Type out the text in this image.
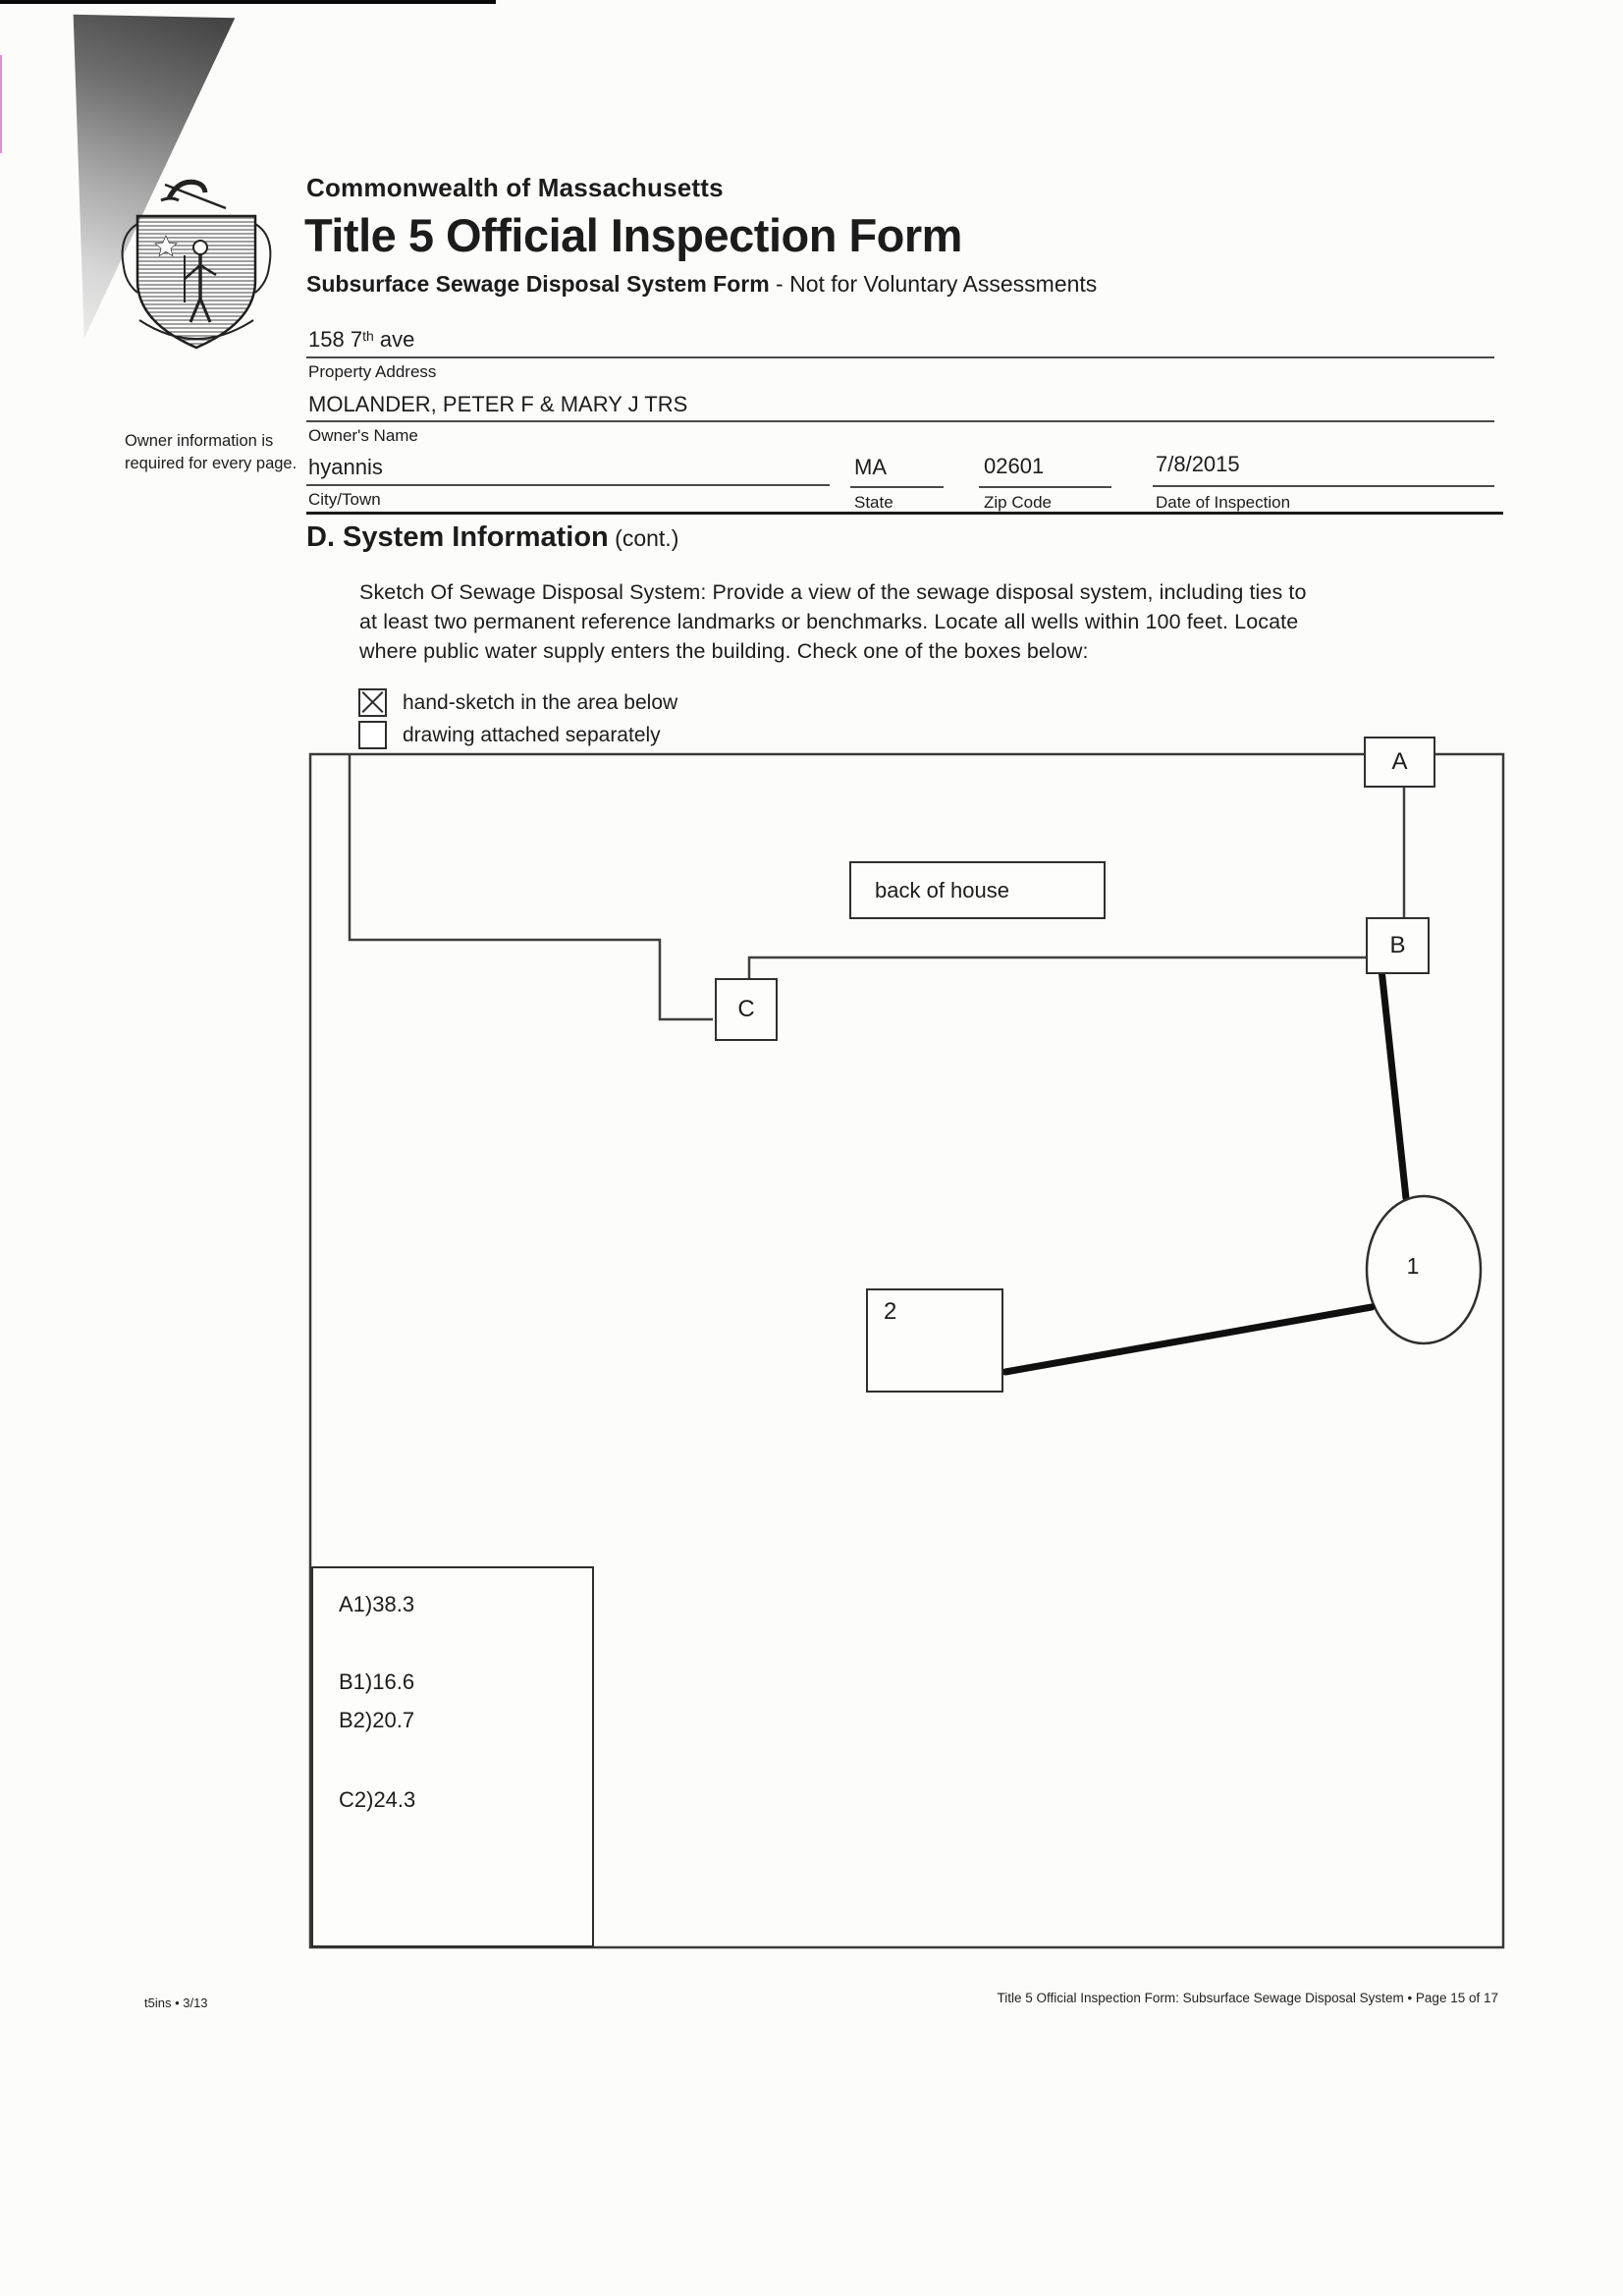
Commonwealth of Massachusetts
Title 5 Official Inspection Form
Subsurface Sewage Disposal System Form - Not for Voluntary Assessments
158 7th ave
Property Address
MOLANDER, PETER F & MARY J TRS
Owner's Name
Owner information is required for every page. hyannis
City/Town
MA
State
02601
Zip Code
7/8/2015
Date of Inspection
D. System Information (cont.)
Sketch Of Sewage Disposal System: Provide a view of the sewage disposal system, including ties to
at least two permanent reference landmarks or benchmarks. Locate all wells within 100 feet. Locate
where public water supply enters the building. Check one of the boxes below:
hand-sketch in the area below
drawing attached separately
A
B
C
back of house
2
1
A1)38.3
B1)16.6
B2)20.7
C2)24.3
t5ins • 3/13	Title 5 Official Inspection Form: Subsurface Sewage Disposal System • Page 15 of 17
